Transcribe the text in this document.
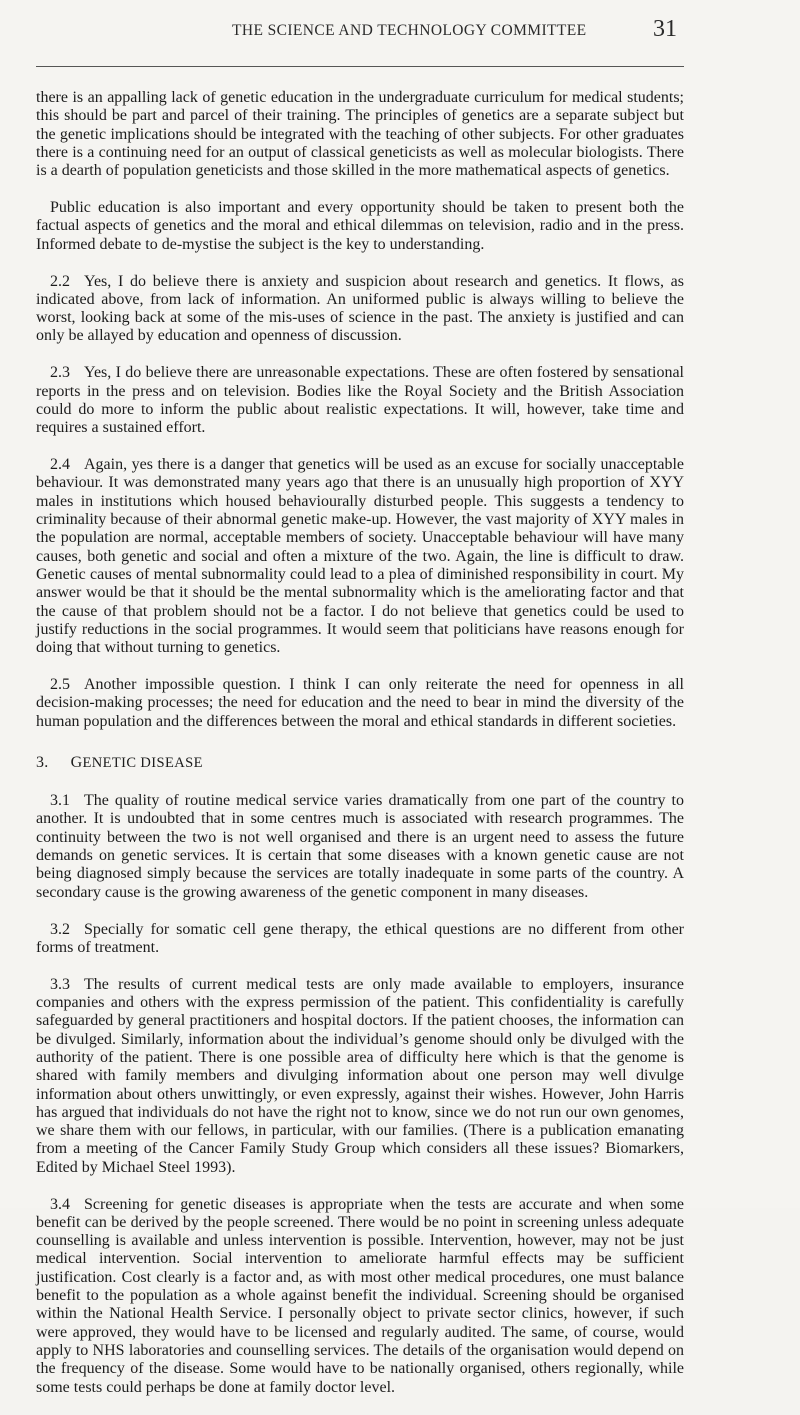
THE SCIENCE AND TECHNOLOGY COMMITTEE	31

there is an appalling lack of genetic education in the undergraduate curriculum for medical students; this should be part and parcel of their training. The principles of genetics are a separate subject but the genetic implications should be integrated with the teaching of other subjects. For other graduates there is a continuing need for an output of classical geneticists as well as molecular biologists. There is a dearth of population geneticists and those skilled in the more mathematical aspects of genetics.

Public education is also important and every opportunity should be taken to present both the factual aspects of genetics and the moral and ethical dilemmas on television, radio and in the press. Informed debate to de-mystise the subject is the key to understanding.

2.2 Yes, I do believe there is anxiety and suspicion about research and genetics. It flows, as indicated above, from lack of information. An uniformed public is always willing to believe the worst, looking back at some of the mis-uses of science in the past. The anxiety is justified and can only be allayed by education and openness of discussion.

2.3 Yes, I do believe there are unreasonable expectations. These are often fostered by sensational reports in the press and on television. Bodies like the Royal Society and the British Association could do more to inform the public about realistic expectations. It will, however, take time and requires a sustained effort.

2.4 Again, yes there is a danger that genetics will be used as an excuse for socially unacceptable behaviour. It was demonstrated many years ago that there is an unusually high proportion of XYY males in institutions which housed behaviourally disturbed people. This suggests a tendency to criminality because of their abnormal genetic make-up. However, the vast majority of XYY males in the population are normal, acceptable members of society. Unacceptable behaviour will have many causes, both genetic and social and often a mixture of the two. Again, the line is difficult to draw. Genetic causes of mental subnormality could lead to a plea of diminished responsibility in court. My answer would be that it should be the mental subnormality which is the ameliorating factor and that the cause of that problem should not be a factor. I do not believe that genetics could be used to justify reductions in the social programmes. It would seem that politicians have reasons enough for doing that without turning to genetics.

2.5 Another impossible question. I think I can only reiterate the need for openness in all decision-making processes; the need for education and the need to bear in mind the diversity of the human population and the differences between the moral and ethical standards in different societies.

3. GENETIC DISEASE

3.1 The quality of routine medical service varies dramatically from one part of the country to another. It is undoubted that in some centres much is associated with research programmes. The continuity between the two is not well organised and there is an urgent need to assess the future demands on genetic services. It is certain that some diseases with a known genetic cause are not being diagnosed simply because the services are totally inadequate in some parts of the country. A secondary cause is the growing awareness of the genetic component in many diseases.

3.2 Specially for somatic cell gene therapy, the ethical questions are no different from other forms of treatment.

3.3 The results of current medical tests are only made available to employers, insurance companies and others with the express permission of the patient. This confidentiality is carefully safeguarded by general practitioners and hospital doctors. If the patient chooses, the information can be divulged. Similarly, information about the individual’s genome should only be divulged with the authority of the patient. There is one possible area of difficulty here which is that the genome is shared with family members and divulging information about one person may well divulge information about others unwittingly, or even expressly, against their wishes. However, John Harris has argued that individuals do not have the right not to know, since we do not run our own genomes, we share them with our fellows, in particular, with our families. (There is a publication emanating from a meeting of the Cancer Family Study Group which considers all these issues? Biomarkers, Edited by Michael Steel 1993).

3.4 Screening for genetic diseases is appropriate when the tests are accurate and when some benefit can be derived by the people screened. There would be no point in screening unless adequate counselling is available and unless intervention is possible. Intervention, however, may not be just medical intervention. Social intervention to ameliorate harmful effects may be sufficient justification. Cost clearly is a factor and, as with most other medical procedures, one must balance benefit to the population as a whole against benefit the individual. Screening should be organised within the National Health Service. I personally object to private sector clinics, however, if such were approved, they would have to be licensed and regularly audited. The same, of course, would apply to NHS laboratories and counselling services. The details of the organisation would depend on the frequency of the disease. Some would have to be nationally organised, others regionally, while some tests could perhaps be done at family doctor level.
